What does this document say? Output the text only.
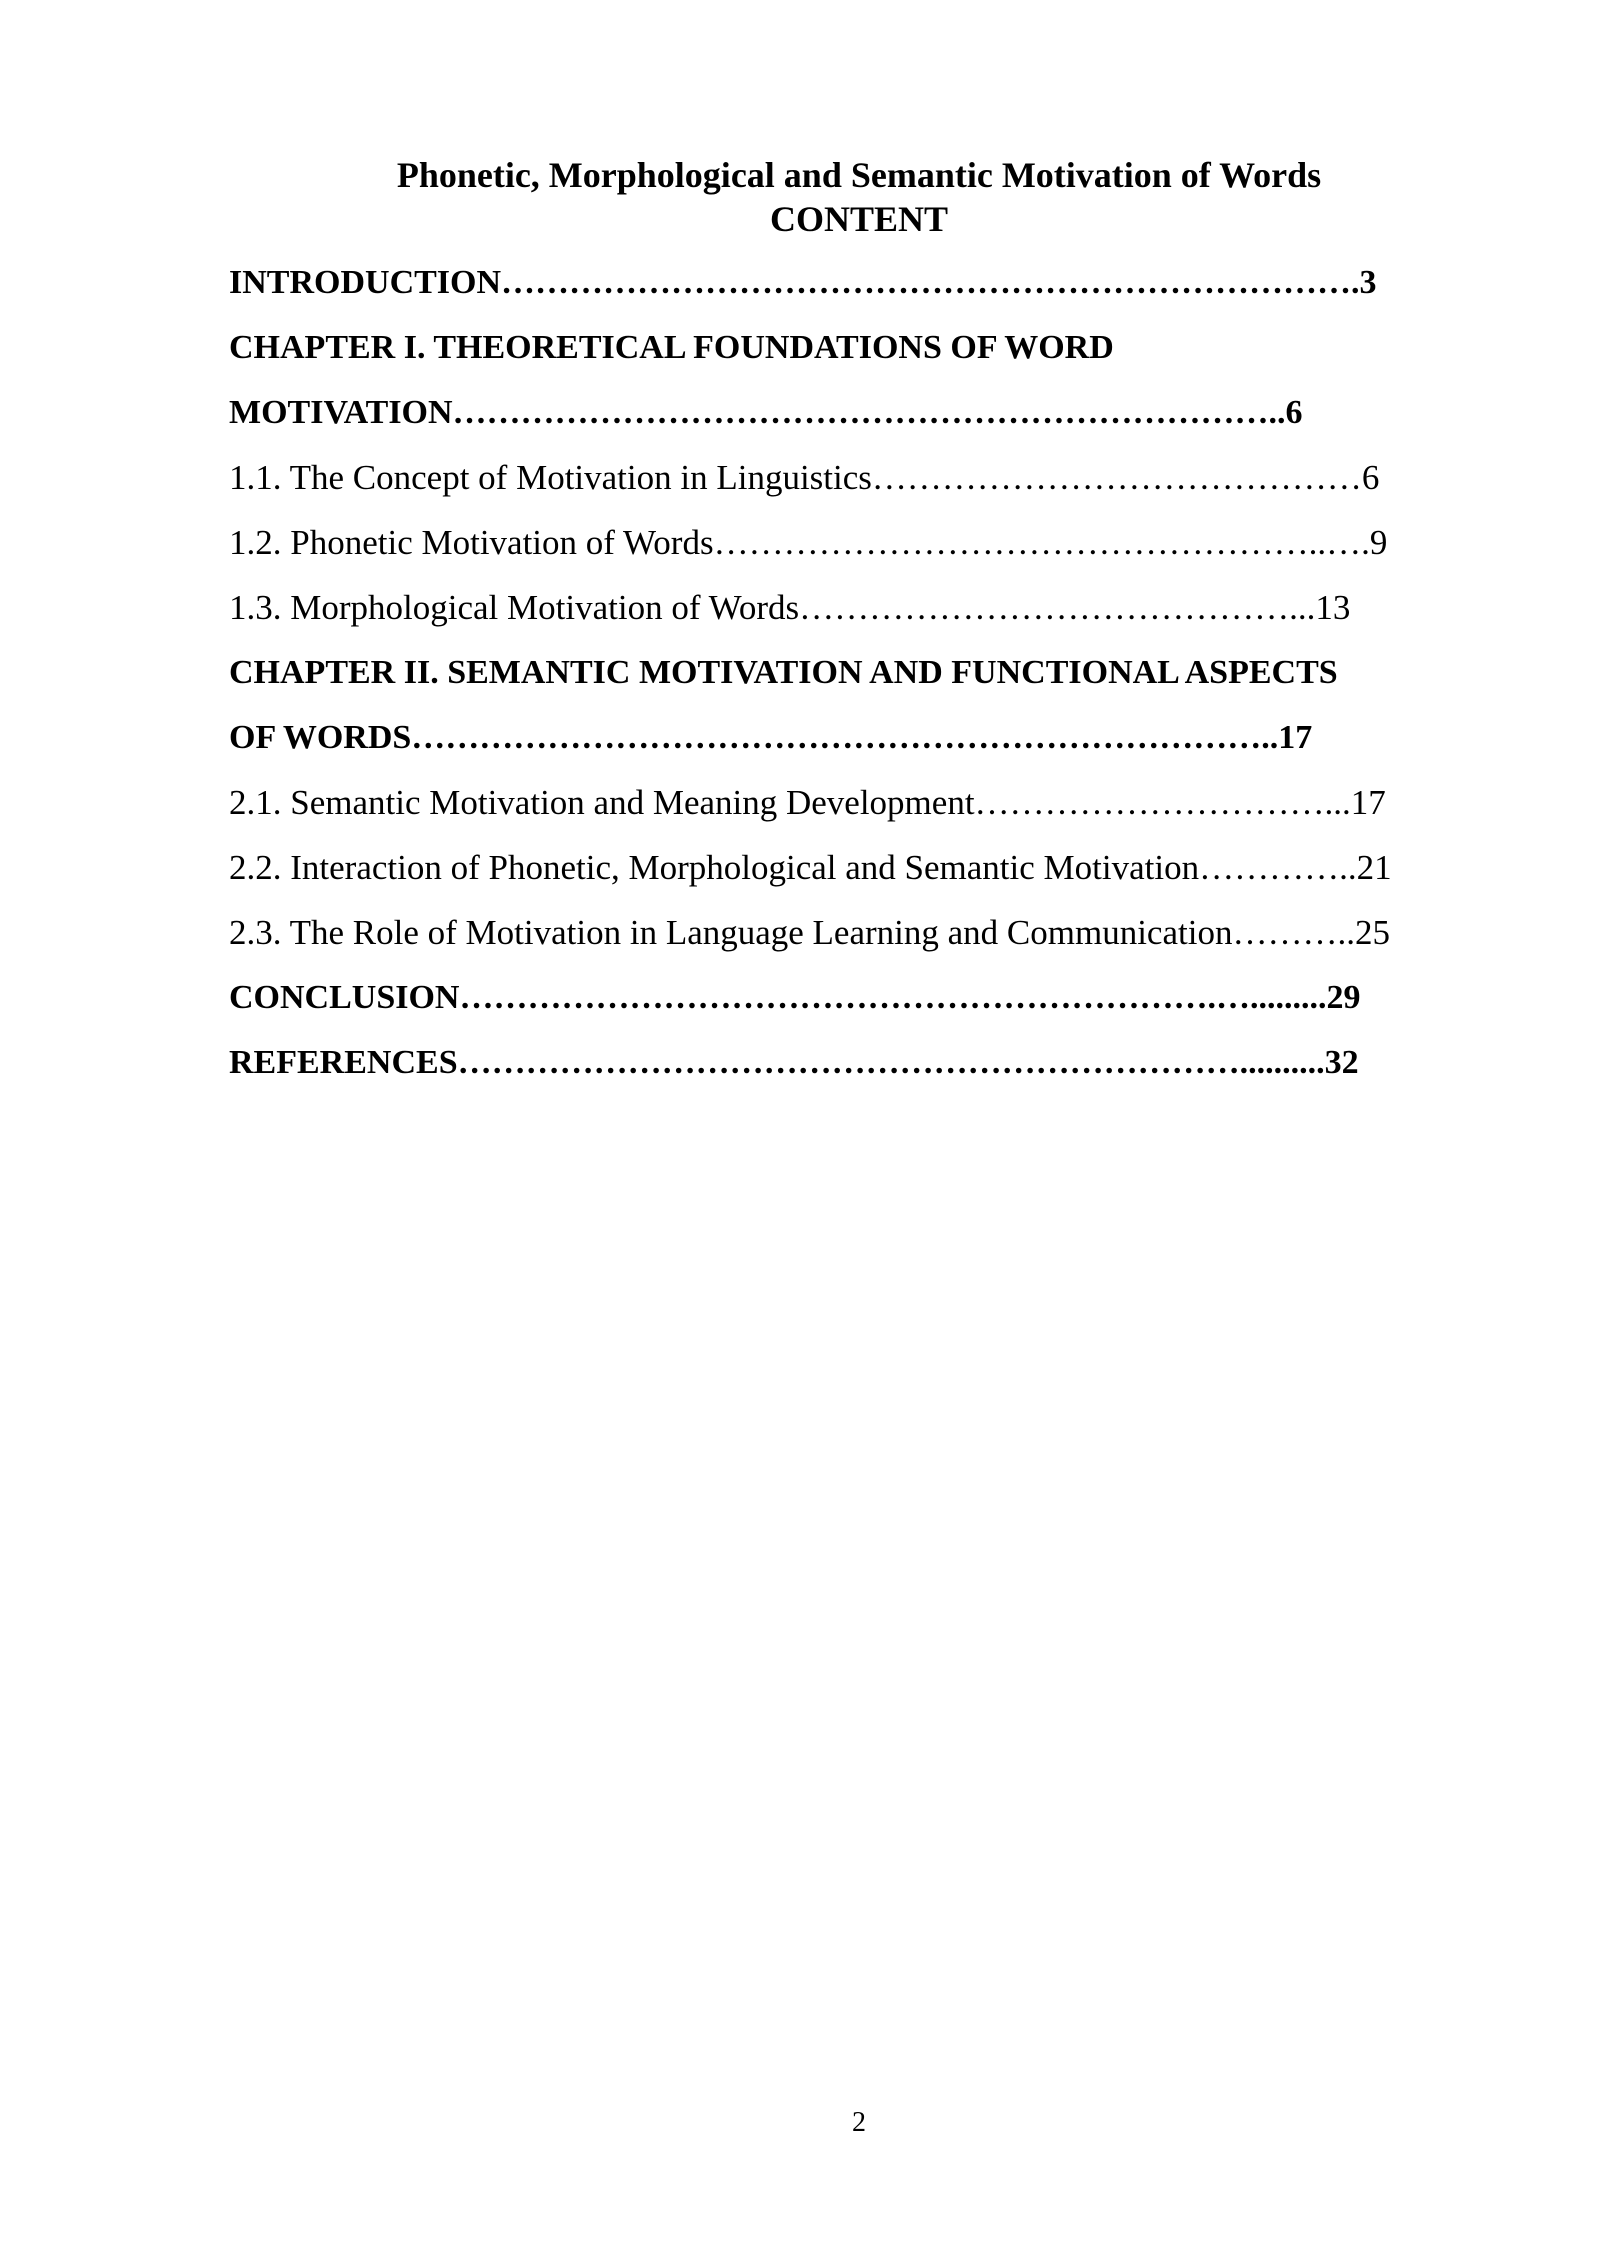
Phonetic, Morphological and Semantic Motivation of Words
CONTENT
INTRODUCTION………………………………………………………………….3
CHAPTER I. THEORETICAL FOUNDATIONS OF WORD
MOTIVATION………………………………………………………………..6
1.1. The Concept of Motivation in Linguistics……………………………………6
1.2. Phonetic Motivation of Words……………………………………………..….9
1.3. Morphological Motivation of Words……………………………………...13
CHAPTER II. SEMANTIC MOTIVATION AND FUNCTIONAL ASPECTS
OF WORDS…………………………………………………………………..17
2.1. Semantic Motivation and Meaning Development…………………………...17
2.2. Interaction of Phonetic, Morphological and Semantic Motivation…………..21
2.3. The Role of Motivation in Language Learning and Communication………..25
CONCLUSION………………………………………………………….….........29
REFERENCES……………………………………………………………..........32
2
